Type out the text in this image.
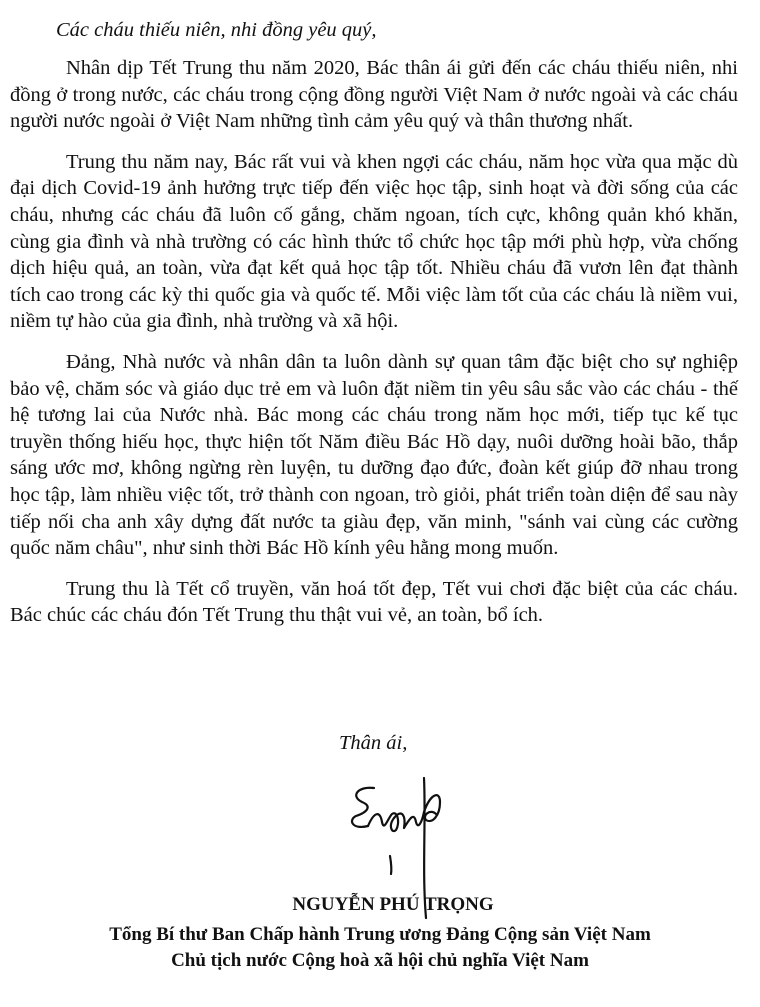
Các cháu thiếu niên, nhi đồng yêu quý,

Nhân dịp Tết Trung thu năm 2020, Bác thân ái gửi đến các cháu thiếu niên, nhi đồng ở trong nước, các cháu trong cộng đồng người Việt Nam ở nước ngoài và các cháu người nước ngoài ở Việt Nam những tình cảm yêu quý và thân thương nhất.

Trung thu năm nay, Bác rất vui và khen ngợi các cháu, năm học vừa qua mặc dù đại dịch Covid-19 ảnh hưởng trực tiếp đến việc học tập, sinh hoạt và đời sống của các cháu, nhưng các cháu đã luôn cố gắng, chăm ngoan, tích cực, không quản khó khăn, cùng gia đình và nhà trường có các hình thức tổ chức học tập mới phù hợp, vừa chống dịch hiệu quả, an toàn, vừa đạt kết quả học tập tốt. Nhiều cháu đã vươn lên đạt thành tích cao trong các kỳ thi quốc gia và quốc tế. Mỗi việc làm tốt của các cháu là niềm vui, niềm tự hào của gia đình, nhà trường và xã hội.

Đảng, Nhà nước và nhân dân ta luôn dành sự quan tâm đặc biệt cho sự nghiệp bảo vệ, chăm sóc và giáo dục trẻ em và luôn đặt niềm tin yêu sâu sắc vào các cháu - thế hệ tương lai của Nước nhà. Bác mong các cháu trong năm học mới, tiếp tục kế tục truyền thống hiếu học, thực hiện tốt Năm điều Bác Hồ dạy, nuôi dưỡng hoài bão, thắp sáng ước mơ, không ngừng rèn luyện, tu dưỡng đạo đức, đoàn kết giúp đỡ nhau trong học tập, làm nhiều việc tốt, trở thành con ngoan, trò giỏi, phát triển toàn diện để sau này tiếp nối cha anh xây dựng đất nước ta giàu đẹp, văn minh, "sánh vai cùng các cường quốc năm châu", như sinh thời Bác Hồ kính yêu hằng mong muốn.

Trung thu là Tết cổ truyền, văn hoá tốt đẹp, Tết vui chơi đặc biệt của các cháu. Bác chúc các cháu đón Tết Trung thu thật vui vẻ, an toàn, bổ ích.

Thân ái,
NGUYỄN PHÚ TRỌNG
Tổng Bí thư Ban Chấp hành Trung ương Đảng Cộng sản Việt Nam
Chủ tịch nước Cộng hoà xã hội chủ nghĩa Việt Nam
